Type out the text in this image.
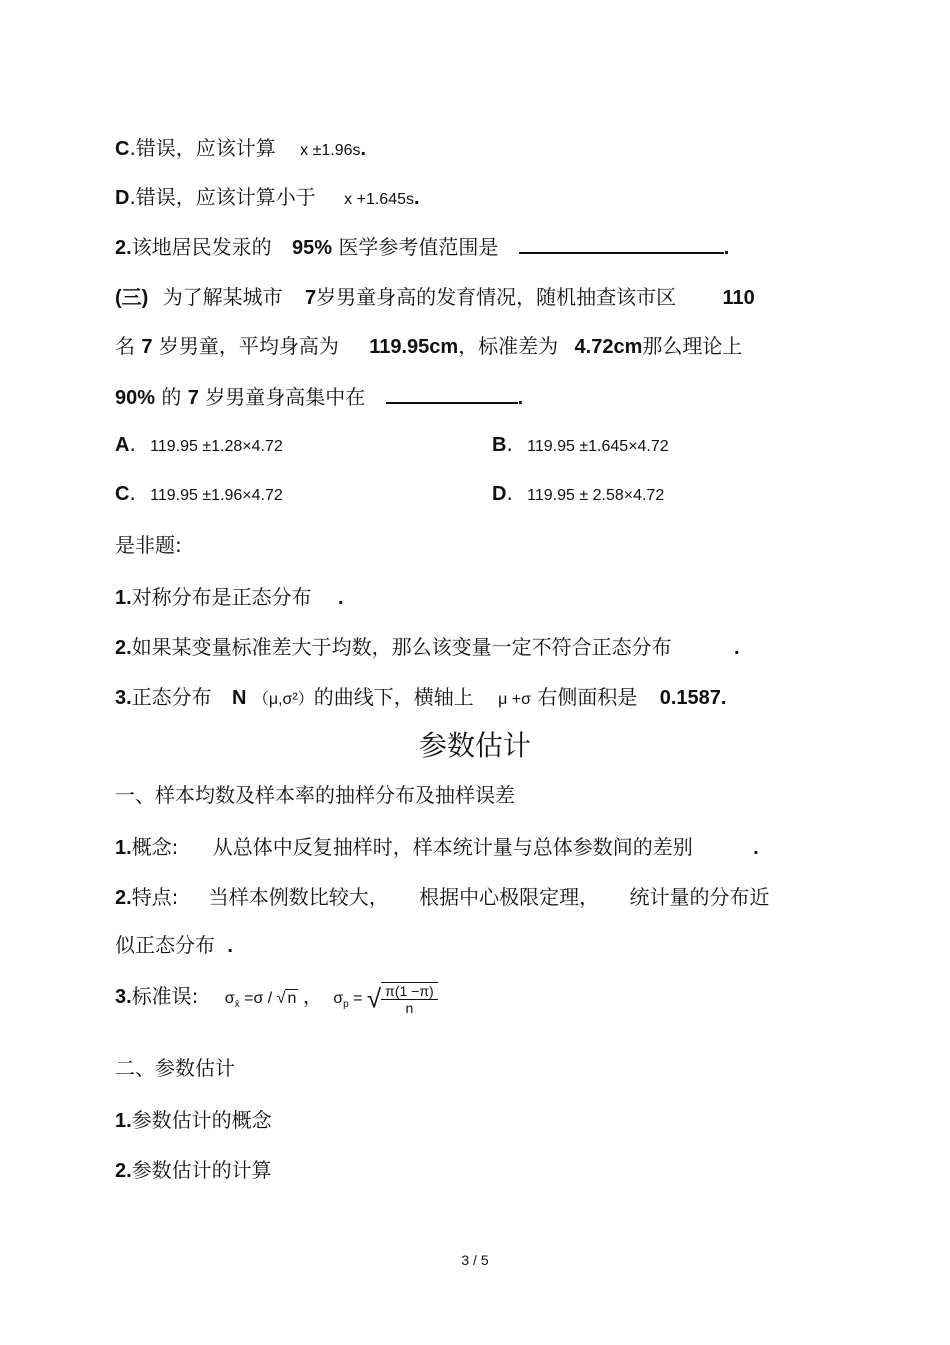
C.错误，应该计算 x ±1.96s.
D.错误，应该计算小于 x +1.645s.
2.该地居民发汞的 95% 医学参考值范围是	.
(三) 为了解某城市 7岁男童身高的发育情况，随机抽查该市区 110
名 7 岁男童，平均身高为 119.95cm，标准差为 4.72cm那么理论上
90% 的 7 岁男童身高集中在	.
A. 119.95 ±1.28×4.72	B. 119.95 ±1.645×4.72
C. 119.95 ±1.96×4.72	D. 119.95 ± 2.58×4.72
是非题:
1.对称分布是正态分布 .
2.如果某变量标准差大于均数，那么该变量一定不符合正态分布	.
3.正态分布 N （μ,σ²）的曲线下，横轴上 μ +σ 右侧面积是 0.1587.
参数估计
一、样本均数及样本率的抽样分布及抽样误差
1.概念: 从总体中反复抽样时，样本统计量与总体参数间的差别	.
2.特点: 当样本例数比较大， 根据中心极限定理， 统计量的分布近
似正态分布 .
3.标准误: $\sigma_{x̄} =\sigma$ / √ n ， $\sigma_p$ = √ $\frac{\pi(1 -\pi)}{n}$
二、参数估计
1.参数估计的概念
2.参数估计的计算
3 / 5
